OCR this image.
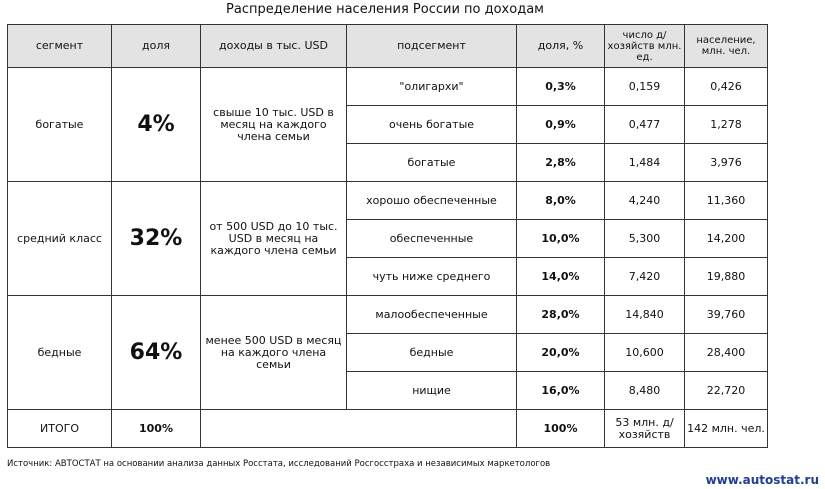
Распределение населения России по доходам
сегмент	доля	доходы в тыс. USD	подсегмент	доля, %	число д/хозяйств млн. ед.	население, млн. чел.
богатые	4%	свыше 10 тыс. USD в месяц на каждого члена семьи	"олигархи"	0,3%	0,159	0,426
			очень богатые	0,9%	0,477	1,278
			богатые	2,8%	1,484	3,976
средний класс	32%	от 500 USD до 10 тыс. USD в месяц на каждого члена семьи	хорошо обеспеченные	8,0%	4,240	11,360
			обеспеченные	10,0%	5,300	14,200
			чуть ниже среднего	14,0%	7,420	19,880
бедные	64%	менее 500 USD в месяц на каждого члена семьи	малообеспеченные	28,0%	14,840	39,760
			бедные	20,0%	10,600	28,400
			нищие	16,0%	8,480	22,720
ИТОГО	100%			100%	53 млн. д/хозяйств	142 млн. чел.
Источник: АВТОСТАТ на основании анализа данных Росстата, исследований Росгосстраха и независимых маркетологов
www.autostat.ru
